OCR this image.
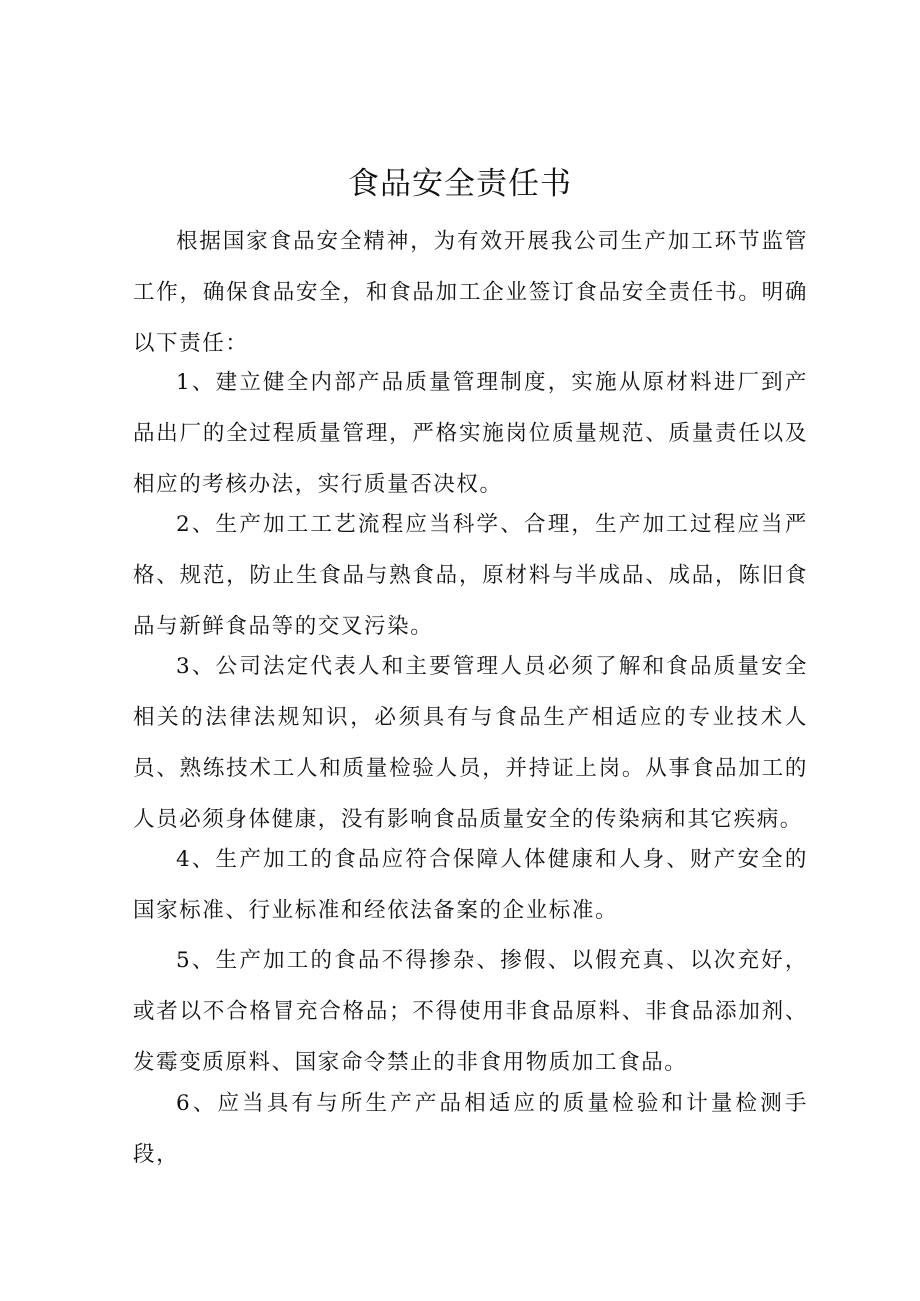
食品安全责任书

根据国家食品安全精神，为有效开展我公司生产加工环节监管工作，确保食品安全，和食品加工企业签订食品安全责任书。明确以下责任：

1、建立健全内部产品质量管理制度，实施从原材料进厂到产品出厂的全过程质量管理，严格实施岗位质量规范、质量责任以及相应的考核办法，实行质量否决权。

2、生产加工工艺流程应当科学、合理，生产加工过程应当严格、规范，防止生食品与熟食品，原材料与半成品、成品，陈旧食品与新鲜食品等的交叉污染。

3、公司法定代表人和主要管理人员必须了解和食品质量安全相关的法律法规知识，必须具有与食品生产相适应的专业技术人员、熟练技术工人和质量检验人员，并持证上岗。从事食品加工的人员必须身体健康，没有影响食品质量安全的传染病和其它疾病。

4、生产加工的食品应符合保障人体健康和人身、财产安全的国家标准、行业标准和经依法备案的企业标准。

5、生产加工的食品不得掺杂、掺假、以假充真、以次充好，或者以不合格冒充合格品；不得使用非食品原料、非食品添加剂、发霉变质原料、国家命令禁止的非食用物质加工食品。

6、应当具有与所生产产品相适应的质量检验和计量检测手段，
